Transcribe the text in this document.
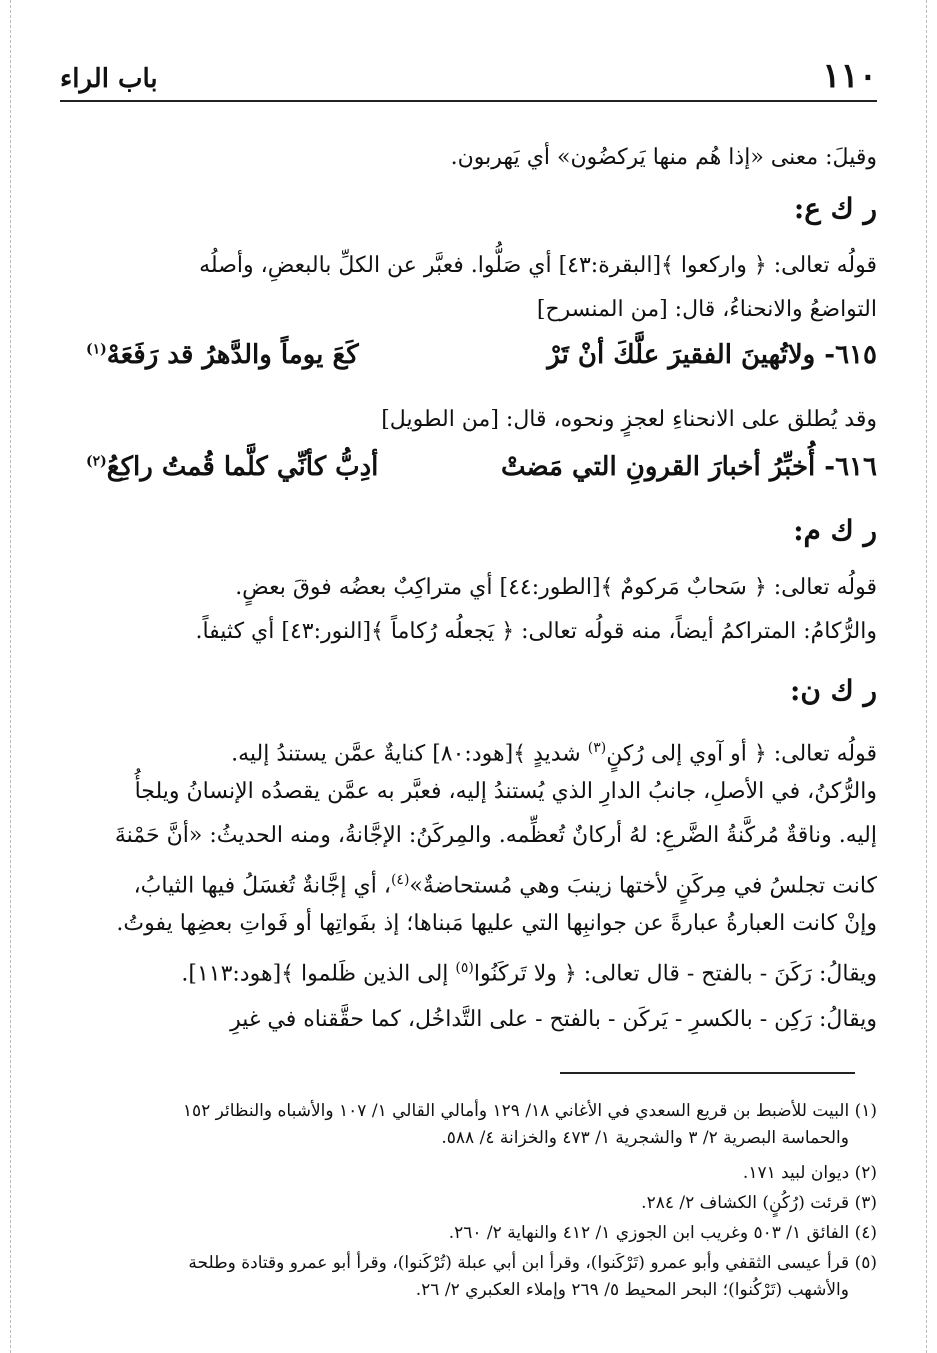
١١٠
باب الراء
وقيلَ: معنى «إذا هُم منها يَركضُون» أي يَهربون.
ر ك ع:
قولُه تعالى: ﴿ واركعوا ﴾[البقرة:٤٣] أي صَلُّوا. فعبَّر عن الكلِّ بالبعضِ، وأصلُه
التواضعُ والانحناءُ، قال: [من المنسرح]
٦١٥- ولاتُهينَ الفقيرَ علَّكَ أنْ تَرْ
كَعَ يوماً والدَّهرُ قد رَفَعَهْ$^{(١)}$
وقد يُطلق على الانحناءِ لعجزٍ ونحوه، قال: [من الطويل]
٦١٦- أُخبِّرُ أخبارَ القرونِ التي مَضتْ
أدِبُّ كأنِّي كلَّما قُمتُ راكِعُ$^{(٢)}$
ر ك م:
قولُه تعالى: ﴿ سَحابٌ مَركومٌ ﴾[الطور:٤٤] أي متراكِبٌ بعضُه فوقَ بعضٍ.
والرُّكامُ: المتراكمُ أيضاً، منه قولُه تعالى: ﴿ يَجعلُه رُكاماً ﴾[النور:٤٣] أي كثيفاً.
ر ك ن:
قولُه تعالى: ﴿ أو آوي إلى رُكنٍ$^{(٣)}$ شديدٍ ﴾[هود:٨٠] كنايةٌ عمَّن يستندُ إليه.
والرُّكنُ، في الأصلِ، جانبُ الدارِ الذي يُستندُ إليه، فعبَّر به عمَّن يقصدُه الإنسانُ ويلجأُ
إليه. وناقةٌ مُركَّنةُ الضَّرعِ: لهُ أركانٌ تُعظِّمه. والمِركَنُ: الإجَّانةُ، ومنه الحديثُ: «أنَّ حَمْنةَ
كانت تجلسُ في مِركَنٍ لأختها زينبَ وهي مُستحاضةٌ»$^{(٤)}$، أي إجَّانةٌ تُغسَلُ فيها الثيابُ،
وإنْ كانت العبارةُ عبارةً عن جوانبِها التي عليها مَبناها؛ إذ بفَواتِها أو فَواتِ بعضِها يفوتُ.
ويقالُ: رَكَنَ - بالفتح - قال تعالى: ﴿ ولا تَركَنُوا$^{(٥)}$ إلى الذين ظَلموا ﴾[هود:١١٣].
ويقالُ: رَكِن - بالكسرِ - يَركَن - بالفتح - على التَّداخُل، كما حقَّقناه في غيرِ
(١) البيت للأضبط بن قريع السعدي في الأغاني ١٨/ ١٢٩ وأمالي القالي ١/ ١٠٧ والأشباه والنظائر ١٥٢
والحماسة البصرية ٢/ ٣ والشجرية ١/ ٤٧٣ والخزانة ٤/ ٥٨٨.
(٢) ديوان لبيد ١٧١.
(٣) قرئت (رُكُنٍ) الكشاف ٢/ ٢٨٤.
(٤) الفائق ١/ ٥٠٣ وغريب ابن الجوزي ١/ ٤١٢ والنهاية ٢/ ٢٦٠.
(٥) قرأ عيسى الثقفي وأبو عمرو (تَرْكَنوا)، وقرأ ابن أبي عبلة (تُرْكَنوا)، وقرأ أبو عمرو وقتادة وطلحة
والأشهب (تَرْكُنوا)؛ البحر المحيط ٥/ ٢٦٩ وإملاء العكبري ٢/ ٢٦.
